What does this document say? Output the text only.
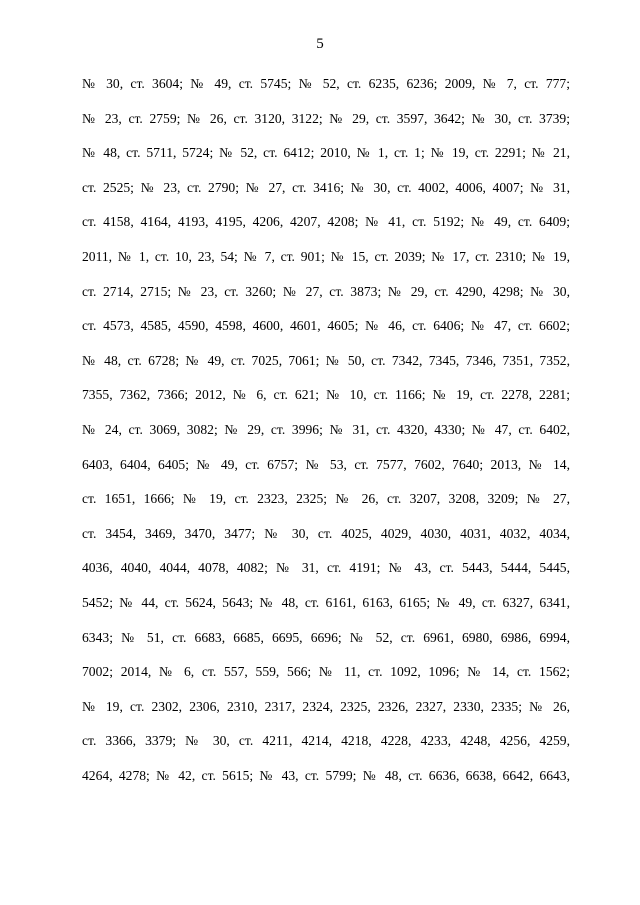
5
№ 30, ст. 3604; № 49, ст. 5745; № 52, ст. 6235, 6236; 2009, № 7, ст. 777;
№ 23, ст. 2759; № 26, ст. 3120, 3122; № 29, ст. 3597, 3642; № 30, ст. 3739;
№ 48, ст. 5711, 5724; № 52, ст. 6412; 2010, № 1, ст. 1; № 19, ст. 2291; № 21,
ст. 2525; № 23, ст. 2790; № 27, ст. 3416; № 30, ст. 4002, 4006, 4007; № 31,
ст. 4158, 4164, 4193, 4195, 4206, 4207, 4208; № 41, ст. 5192; № 49, ст. 6409;
2011, № 1, ст. 10, 23, 54; № 7, ст. 901; № 15, ст. 2039; № 17, ст. 2310; № 19,
ст. 2714, 2715; № 23, ст. 3260; № 27, ст. 3873; № 29, ст. 4290, 4298; № 30,
ст. 4573, 4585, 4590, 4598, 4600, 4601, 4605; № 46, ст. 6406; № 47, ст. 6602;
№ 48, ст. 6728; № 49, ст. 7025, 7061; № 50, ст. 7342, 7345, 7346, 7351, 7352,
7355, 7362, 7366; 2012, № 6, ст. 621; № 10, ст. 1166; № 19, ст. 2278, 2281;
№ 24, ст. 3069, 3082; № 29, ст. 3996; № 31, ст. 4320, 4330; № 47, ст. 6402,
6403, 6404, 6405; № 49, ст. 6757; № 53, ст. 7577, 7602, 7640; 2013, № 14,
ст. 1651, 1666; № 19, ст. 2323, 2325; № 26, ст. 3207, 3208, 3209; № 27,
ст. 3454, 3469, 3470, 3477; № 30, ст. 4025, 4029, 4030, 4031, 4032, 4034,
4036, 4040, 4044, 4078, 4082; № 31, ст. 4191; № 43, ст. 5443, 5444, 5445,
5452; № 44, ст. 5624, 5643; № 48, ст. 6161, 6163, 6165; № 49, ст. 6327, 6341,
6343; № 51, ст. 6683, 6685, 6695, 6696; № 52, ст. 6961, 6980, 6986, 6994,
7002; 2014, № 6, ст. 557, 559, 566; № 11, ст. 1092, 1096; № 14, ст. 1562;
№ 19, ст. 2302, 2306, 2310, 2317, 2324, 2325, 2326, 2327, 2330, 2335; № 26,
ст. 3366, 3379; № 30, ст. 4211, 4214, 4218, 4228, 4233, 4248, 4256, 4259,
4264, 4278; № 42, ст. 5615; № 43, ст. 5799; № 48, ст. 6636, 6638, 6642, 6643,
